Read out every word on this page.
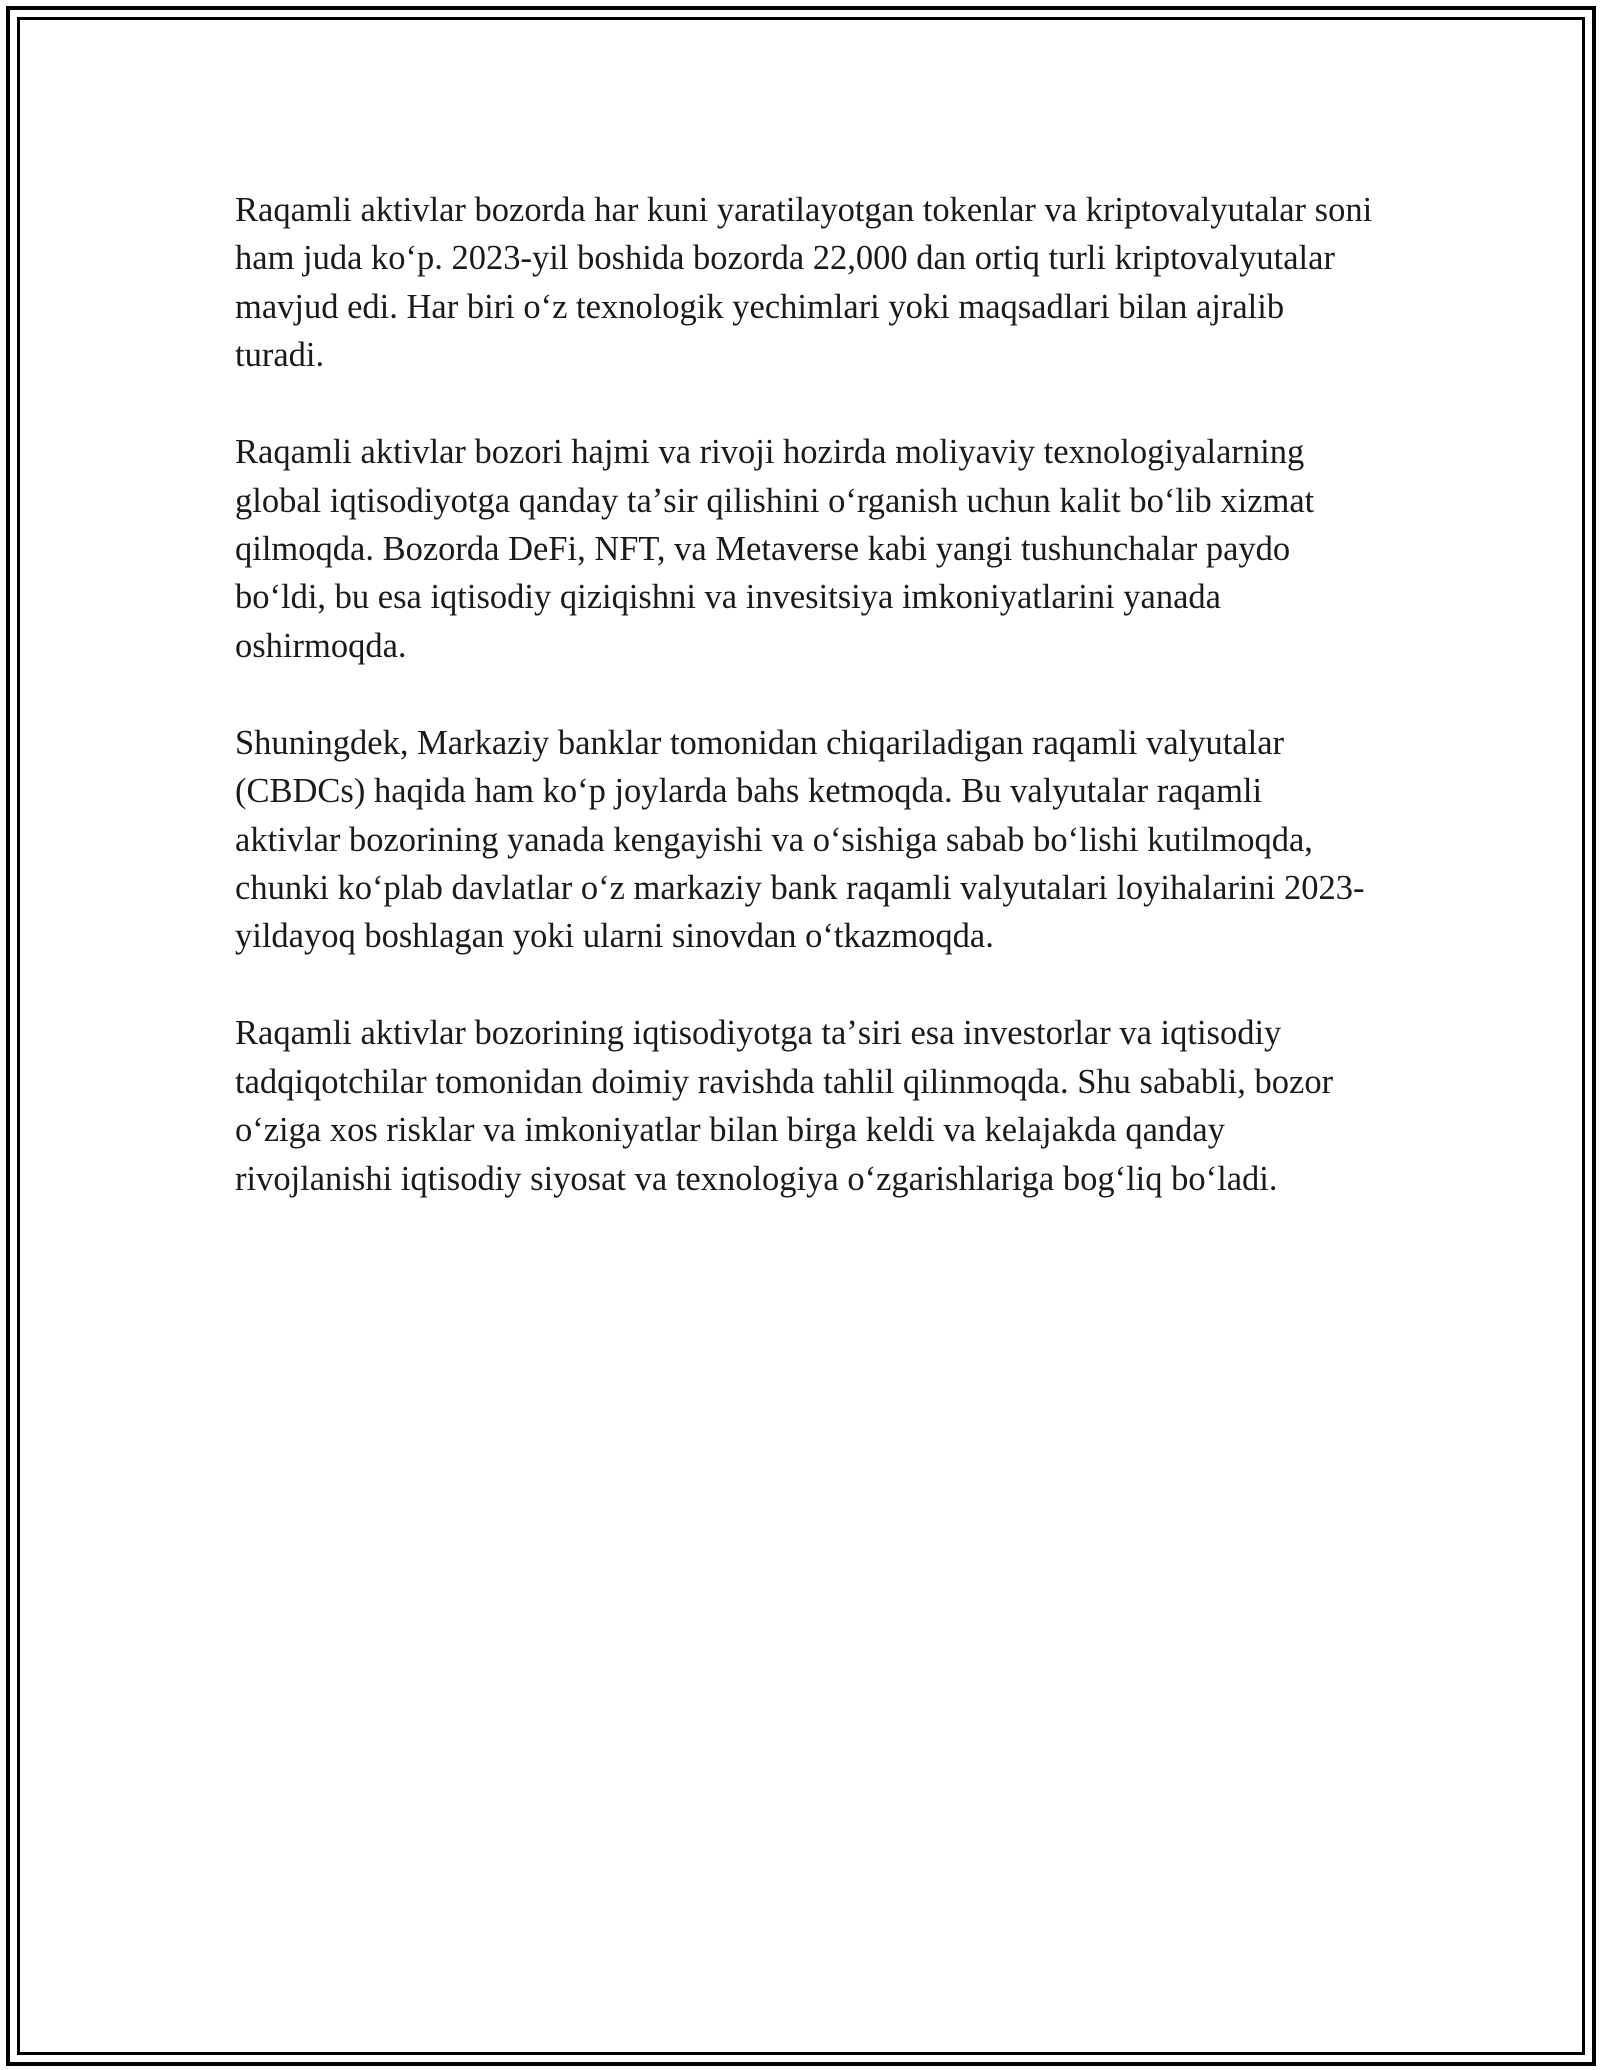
Raqamli aktivlar bozorda har kuni yaratilayotgan tokenlar va kriptovalyutalar soni ham juda koʻp. 2023-yil boshida bozorda 22,000 dan ortiq turli kriptovalyutalar mavjud edi. Har biri oʻz texnologik yechimlari yoki maqsadlari bilan ajralib turadi.

Raqamli aktivlar bozori hajmi va rivoji hozirda moliyaviy texnologiyalarning global iqtisodiyotga qanday taʼsir qilishini oʻrganish uchun kalit boʻlib xizmat qilmoqda. Bozorda DeFi, NFT, va Metaverse kabi yangi tushunchalar paydo boʻldi, bu esa iqtisodiy qiziqishni va invesitsiya imkoniyatlarini yanada oshirmoqda.

Shuningdek, Markaziy banklar tomonidan chiqariladigan raqamli valyutalar (CBDCs) haqida ham koʻp joylarda bahs ketmoqda. Bu valyutalar raqamli aktivlar bozorining yanada kengayishi va oʻsishiga sabab boʻlishi kutilmoqda, chunki koʻplab davlatlar oʻz markaziy bank raqamli valyutalari loyihalarini 2023-yildayoq boshlagan yoki ularni sinovdan oʻtkazmoqda.

Raqamli aktivlar bozorining iqtisodiyotga taʼsiri esa investorlar va iqtisodiy tadqiqotchilar tomonidan doimiy ravishda tahlil qilinmoqda. Shu sababli, bozor oʻziga xos risklar va imkoniyatlar bilan birga keldi va kelajakda qanday rivojlanishi iqtisodiy siyosat va texnologiya oʻzgarishlariga bogʻliq boʻladi.
